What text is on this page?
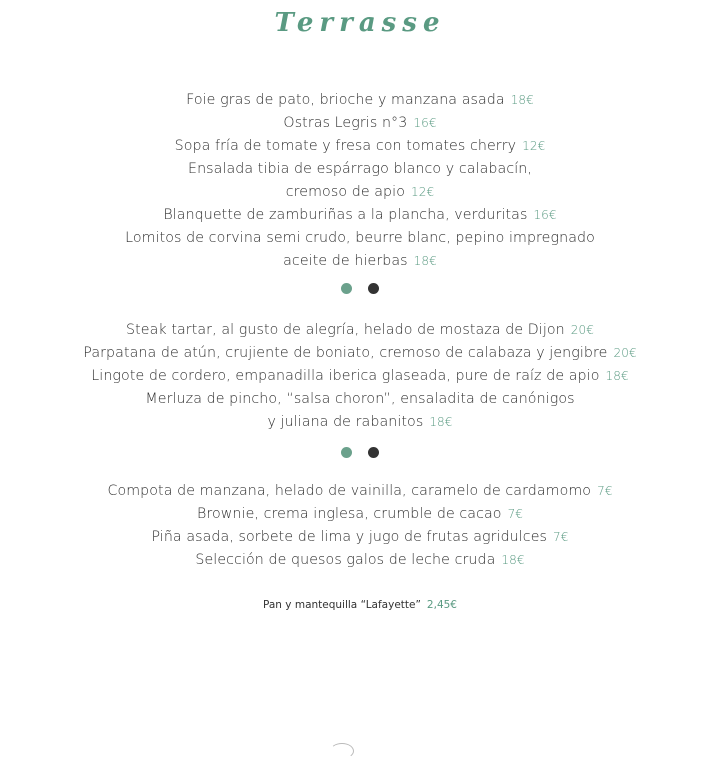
Terrasse
Foie gras de pato, brioche y manzana asada 18€
Ostras Legris n°3 16€
Sopa fría de tomate y fresa con tomates cherry 12€
Ensalada tibia de espárrago blanco y calabacín,
cremoso de apio 12€
Blanquette de zamburiñas a la plancha, verduritas 16€
Lomitos de corvina semi crudo, beurre blanc, pepino impregnado
aceite de hierbas 18€
Steak tartar, al gusto de alegría, helado de mostaza de Dijon 20€
Parpatana de atún, crujiente de boniato, cremoso de calabaza y jengibre 20€
Lingote de cordero, empanadilla iberica glaseada, pure de raíz de apio 18€
Merluza de pincho, “salsa choron”, ensaladita de canónigos
y juliana de rabanitos 18€
Compota de manzana, helado de vainilla, caramelo de cardamomo 7€
Brownie, crema inglesa, crumble de cacao 7€
Piña asada, sorbete de lima y jugo de frutas agridulces 7€
Selección de quesos galos de leche cruda 18€
Pan y mantequilla “Lafayette” 2,45€
